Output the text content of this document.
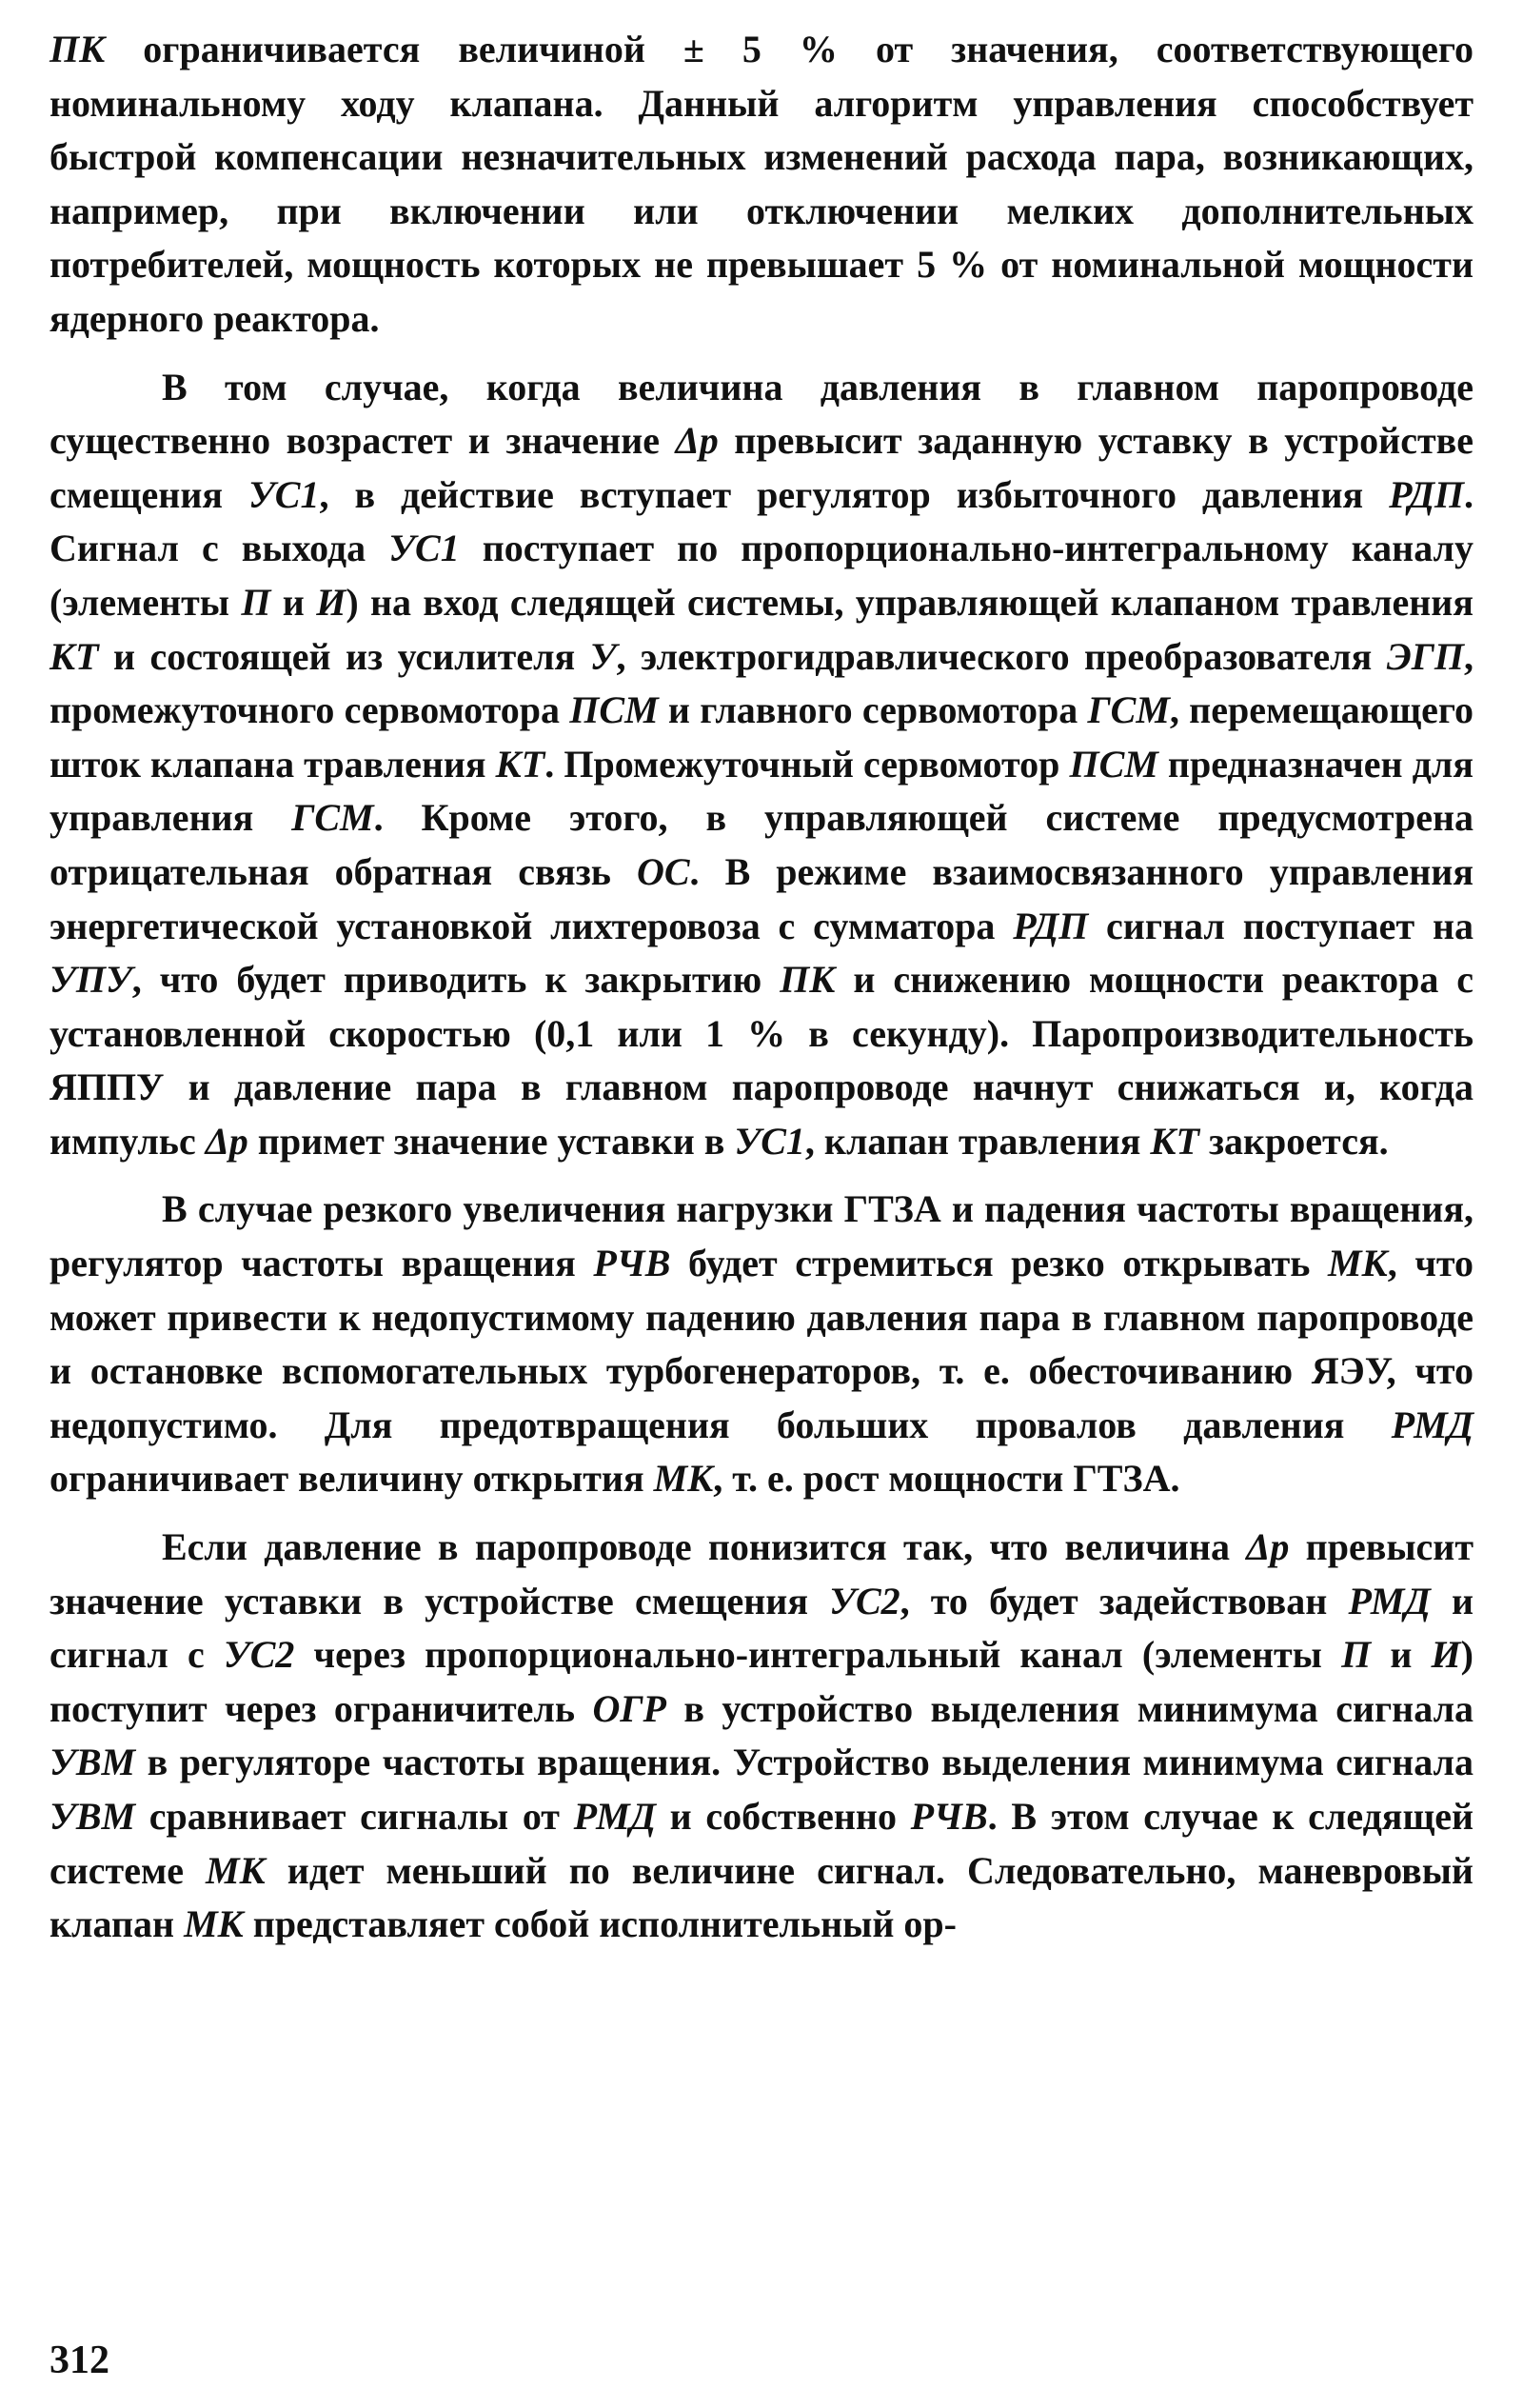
ПК ограничивается величиной ± 5 % от значения, соответствующего номинальному ходу клапана. Данный алгоритм управления способствует быстрой компенсации незначительных изменений расхода пара, возникающих, например, при включении или отключении мелких дополнительных потребителей, мощность которых не превышает 5 % от номинальной мощности ядерного реактора.

В том случае, когда величина давления в главном паропроводе существенно возрастет и значение Δр превысит заданную уставку в устройстве смещения УС1, в действие вступает регулятор избыточного давления РДП. Сигнал с выхода УС1 поступает по пропорционально-интегральному каналу (элементы П и И) на вход следящей системы, управляющей клапаном травления КТ и состоящей из усилителя У, электрогидравлического преобразователя ЭГП, промежуточного сервомотора ПСМ и главного сервомотора ГСМ, перемещающего шток клапана травления КТ. Промежуточный сервомотор ПСМ предназначен для управления ГСМ. Кроме этого, в управляющей системе предусмотрена отрицательная обратная связь ОС. В режиме взаимосвязанного управления энергетической установкой лихтеровоза с сумматора РДП сигнал поступает на УПУ, что будет приводить к закрытию ПК и снижению мощности реактора с установленной скоростью (0,1 или 1 % в секунду). Паропроизводительность ЯППУ и давление пара в главном паропроводе начнут снижаться и, когда импульс Δр примет значение уставки в УС1, клапан травления КТ закроется.

В случае резкого увеличения нагрузки ГТЗА и падения частоты вращения, регулятор частоты вращения РЧВ будет стремиться резко открывать МК, что может привести к недопустимому падению давления пара в главном паропроводе и остановке вспомогательных турбогенераторов, т. е. обесточиванию ЯЭУ, что недопустимо. Для предотвращения больших провалов давления РМД ограничивает величину открытия МК, т. е. рост мощности ГТЗА.

Если давление в паропроводе понизится так, что величина Δр превысит значение уставки в устройстве смещения УС2, то будет задействован РМД и сигнал с УС2 через пропорционально-интегральный канал (элементы П и И) поступит через ограничитель ОГР в устройство выделения минимума сигнала УВМ в регуляторе частоты вращения. Устройство выделения минимума сигнала УВМ сравнивает сигналы от РМД и собственно РЧВ. В этом случае к следящей системе МК идет меньший по величине сигнал. Следовательно, маневровый клапан МК представляет собой исполнительный ор-

312
